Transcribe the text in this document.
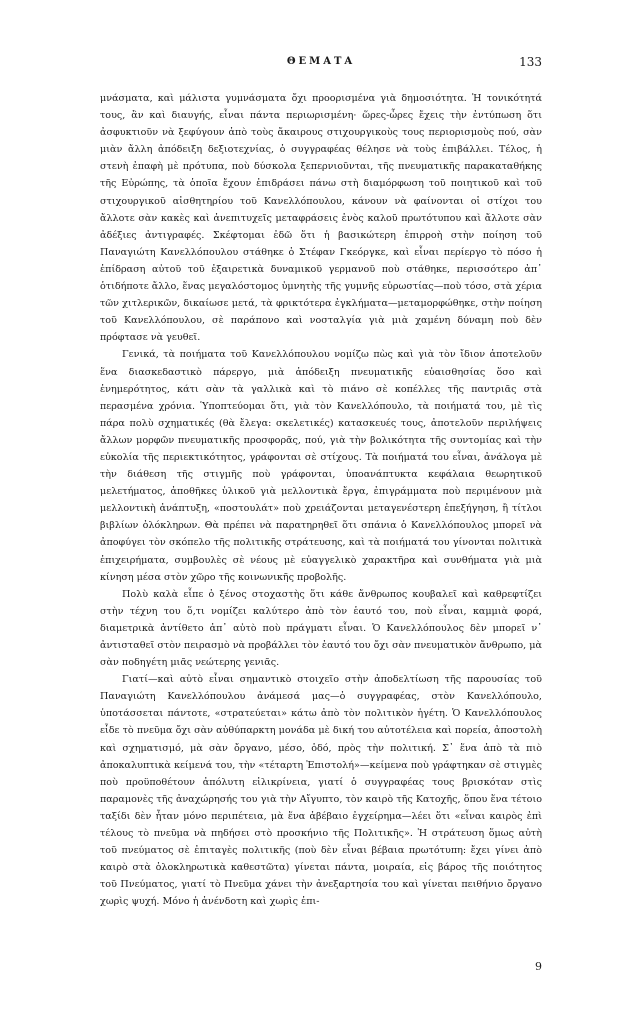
ΘΕΜΑΤΑ	133

μνάσματα, καὶ μάλιστα γυμνάσματα ὄχι προορισμένα γιὰ δημοσιότητα. Ἡ τονικότητά τους, ἂν καὶ διαυγής, εἶναι πάντα περιωρισμένη· ὥρες-ὧρες ἔχεις τὴν ἐντύπωση ὅτι ἀσφυκτιοῦν νὰ ξεφύγουν ἀπὸ τοὺς ἄκαιρους στιχουργικοὺς τους περιορισμοὺς πού, σὰν μιὰν ἄλλη ἀπόδειξη δεξιοτεχνίας, ὁ συγγραφέας θέλησε νὰ τοὺς ἐπιβάλλει. Τέλος, ἡ στενὴ ἐπαφὴ μὲ πρότυπα, ποὺ δύσκολα ξεπερνιοῦνται, τῆς πνευματικῆς παρακαταθήκης τῆς Εὐρώπης, τὰ ὁποῖα ἔχουν ἐπιδράσει πάνω στὴ διαμόρφωση τοῦ ποιητικοῦ καὶ τοῦ στιχουργικοῦ αἰσθητηρίου τοῦ Κανελλόπουλου, κάνουν νὰ φαίνονται οἱ στίχοι του ἄλλοτε σὰν κακὲς καὶ ἀνεπιτυχεῖς μεταφράσεις ἑνὸς καλοῦ πρωτότυπου καὶ ἄλλοτε σὰν ἀδέξιες ἀντιγραφές. Σκέφτομαι ἐδῶ ὅτι ἡ βασικώτερη ἐπιρροὴ στὴν ποίηση τοῦ Παναγιώτη Κανελλόπουλου στάθηκε ὁ Στέφαν Γκεόργκε, καὶ εἶναι περίεργο τὸ πόσο ἡ ἐπίδραση αὐτοῦ τοῦ ἐξαιρετικὰ δυναμικοῦ γερμανοῦ ποὺ στάθηκε, περισσότερο ἀπ᾿ ὁτιδήποτε ἄλλο, ἕνας μεγαλόστομος ὑμνητὴς τῆς γυμνῆς εὐρωστίας—ποὺ τόσο, στὰ χέρια τῶν χιτλερικῶν, δικαίωσε μετά, τὰ φρικτότερα ἐγκλήματα—μεταμορφώθηκε, στὴν ποίηση τοῦ Κανελλόπουλου, σὲ παράπονο καὶ νοσταλγία γιὰ μιὰ χαμένη δύναμη ποὺ δὲν πρόφτασε νὰ γευθεῖ.

Γενικά, τὰ ποιήματα τοῦ Κανελλόπουλου νομίζω πὼς καὶ γιὰ τὸν ἴδιον ἀποτελοῦν ἕνα διασκεδαστικὸ πάρεργο, μιὰ ἀπόδειξη πνευματικῆς εὐαισθησίας ὅσο καὶ ἐνημερότητος, κάτι σὰν τὰ γαλλικὰ καὶ τὸ πιάνο σὲ κοπέλλες τῆς παντριᾶς στὰ περασμένα χρόνια. Ὑποπτεύομαι ὅτι, γιὰ τὸν Κανελλόπουλο, τὰ ποιήματά του, μὲ τὶς πάρα πολὺ σχηματικές (θὰ ἔλεγα: σκελετικές) κατασκευές τους, ἀποτελοῦν περιλήψεις ἄλλων μορφῶν πνευματικῆς προσφορᾶς, πού, γιὰ τὴν βολικότητα τῆς συντομίας καὶ τὴν εὐκολία τῆς περιεκτικότητος, γράφονται σὲ στίχους. Τὰ ποιήματά του εἶναι, ἀνάλογα μὲ τὴν διάθεση τῆς στιγμῆς ποὺ γράφονται, ὑποανάπτυκτα κεφάλαια θεωρητικοῦ μελετήματος, ἀποθῆκες ὑλικοῦ γιὰ μελλοντικὰ ἔργα, ἐπιγράμματα ποὺ περιμένουν μιὰ μελλοντικὴ ἀνάπτυξη, «ποστουλάτ» ποὺ χρειάζονται μεταγενέστερη ἐπεξήγηση, ἢ τίτλοι βιβλίων ὁλόκληρων. Θὰ πρέπει νὰ παρατηρηθεῖ ὅτι σπάνια ὁ Κανελλόπουλος μπορεῖ νὰ ἀποφύγει τὸν σκόπελο τῆς πολιτικῆς στράτευσης, καὶ τὰ ποιήματά του γίνονται πολιτικὰ ἐπιχειρήματα, συμβουλὲς σὲ νέους μὲ εὐαγγελικὸ χαρακτῆρα καὶ συνθήματα γιὰ μιὰ κίνηση μέσα στὸν χῶρο τῆς κοινωνικῆς προβολῆς.

Πολὺ καλὰ εἶπε ὁ ξένος στοχαστὴς ὅτι κάθε ἄνθρωπος κουβαλεῖ καὶ καθρεφτίζει στὴν τέχνη του ὅ,τι νομίζει καλύτερο ἀπὸ τὸν ἑαυτό του, ποὺ εἶναι, καμμιὰ φορά, διαμετρικὰ ἀντίθετο ἀπ᾿ αὐτὸ ποὺ πράγματι εἶναι. Ὁ Κανελλόπουλος δὲν μπορεῖ ν᾿ ἀντισταθεῖ στὸν πειρασμὸ νὰ προβάλλει τὸν ἑαυτό του ὄχι σὰν πνευματικὸν ἄνθρωπο, μὰ σὰν ποδηγέτη μιᾶς νεώτερης γενιᾶς.

Γιατί—καὶ αὐτὸ εἶναι σημαντικὸ στοιχεῖο στὴν ἀποδελτίωση τῆς παρουσίας τοῦ Παναγιώτη Κανελλόπουλου ἀνάμεσά μας—ὁ συγγραφέας, στὸν Κανελλόπουλο, ὑποτάσσεται πάντοτε, «στρατεύεται» κάτω ἀπὸ τὸν πολιτικὸν ἡγέτη. Ὁ Κανελλόπουλος εἶδε τὸ πνεῦμα ὄχι σὰν αὐθύπαρκτη μονάδα μὲ δική του αὐτοτέλεια καὶ πορεία, ἀποστολὴ καὶ σχηματισμό, μὰ σὰν ὄργανο, μέσο, ὁδό, πρὸς τὴν πολιτική. Σ᾿ ἕνα ἀπὸ τὰ πιὸ ἀποκαλυπτικὰ κείμενά του, τὴν «τέταρτη Ἐπιστολή»—κείμενα ποὺ γράφτηκαν σὲ στιγμὲς ποὺ προϋποθέτουν ἀπόλυτη εἰλικρίνεια, γιατί ὁ συγγραφέας τους βρισκόταν στὶς παραμονὲς τῆς ἀναχώρησής του γιὰ τὴν Αἴγυπτο, τὸν καιρὸ τῆς Κατοχῆς, ὅπου ἕνα τέτοιο ταξίδι δὲν ἦταν μόνο περιπέτεια, μὰ ἕνα ἀβέβαιο ἐγχείρημα—λέει ὅτι «εἶναι καιρὸς ἐπὶ τέλους τὸ πνεῦμα νὰ πηδήσει στὸ προσκήνιο τῆς Πολιτικῆς». Ἡ στράτευση ὅμως αὐτὴ τοῦ πνεύματος σὲ ἐπιταγὲς πολιτικῆς (ποὺ δὲν εἶναι βέβαια πρωτότυπη: ἔχει γίνει ἀπὸ καιρὸ στὰ ὁλοκληρωτικὰ καθεστῶτα) γίνεται πάντα, μοιραία, εἰς βάρος τῆς ποιότητος τοῦ Πνεύματος, γιατί τὸ Πνεῦμα χάνει τὴν ἀνεξαρτησία του καὶ γίνεται πειθήνιο ὄργανο χωρὶς ψυχή. Μόνο ἡ ἀνένδοτη καὶ χωρὶς ἐπι-

9
